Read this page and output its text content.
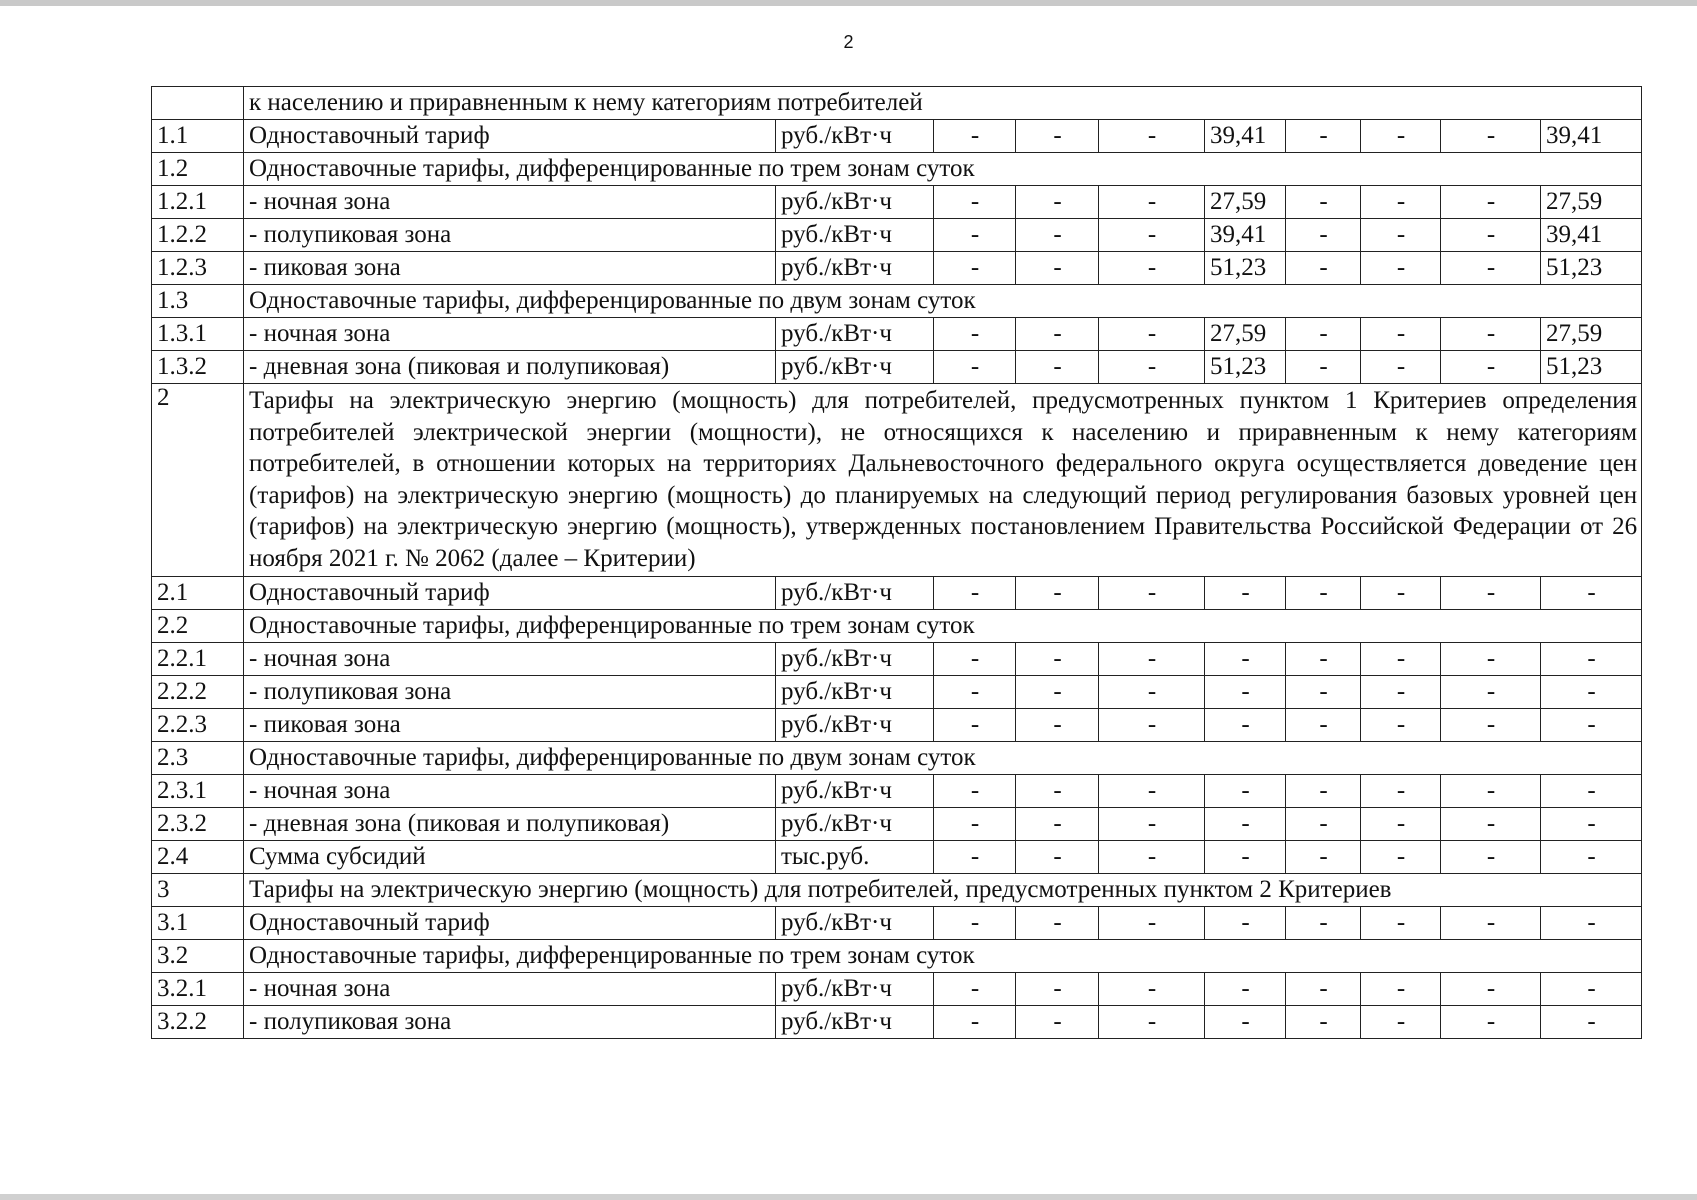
2
	к населению и приравненным к нему категориям потребителей									
1.1	Одноставочный тариф	руб./кВт·ч	-	-	-	39,41	-	-	-	39,41
1.2	Одноставочные тарифы, дифференцированные по трем зонам суток									
1.2.1	- ночная зона	руб./кВт·ч	-	-	-	27,59	-	-	-	27,59
1.2.2	- полупиковая зона	руб./кВт·ч	-	-	-	39,41	-	-	-	39,41
1.2.3	- пиковая зона	руб./кВт·ч	-	-	-	51,23	-	-	-	51,23
1.3	Одноставочные тарифы, дифференцированные по двум зонам суток									
1.3.1	- ночная зона	руб./кВт·ч	-	-	-	27,59	-	-	-	27,59
1.3.2	- дневная зона (пиковая и полупиковая)	руб./кВт·ч	-	-	-	51,23	-	-	-	51,23
2	Тарифы на электрическую энергию (мощность) для потребителей, предусмотренных пунктом 1 Критериев определения потребителей электрической энергии (мощности), не относящихся к населению и приравненным к нему категориям потребителей, в отношении которых на территориях Дальневосточного федерального округа осуществляется доведение цен (тарифов) на электрическую энергию (мощность) до планируемых на следующий период регулирования базовых уровней цен (тарифов) на электрическую энергию (мощность), утвержденных постановлением Правительства Российской Федерации от 26 ноября 2021 г. № 2062 (далее – Критерии)									
2.1	Одноставочный тариф	руб./кВт·ч	-	-	-	-	-	-	-	-
2.2	Одноставочные тарифы, дифференцированные по трем зонам суток									
2.2.1	- ночная зона	руб./кВт·ч	-	-	-	-	-	-	-	-
2.2.2	- полупиковая зона	руб./кВт·ч	-	-	-	-	-	-	-	-
2.2.3	- пиковая зона	руб./кВт·ч	-	-	-	-	-	-	-	-
2.3	Одноставочные тарифы, дифференцированные по двум зонам суток									
2.3.1	- ночная зона	руб./кВт·ч	-	-	-	-	-	-	-	-
2.3.2	- дневная зона (пиковая и полупиковая)	руб./кВт·ч	-	-	-	-	-	-	-	-
2.4	Сумма субсидий	тыс.руб.	-	-	-	-	-	-	-	-
3	Тарифы на электрическую энергию (мощность) для потребителей, предусмотренных пунктом 2 Критериев									
3.1	Одноставочный тариф	руб./кВт·ч	-	-	-	-	-	-	-	-
3.2	Одноставочные тарифы, дифференцированные по трем зонам суток									
3.2.1	- ночная зона	руб./кВт·ч	-	-	-	-	-	-	-	-
3.2.2	- полупиковая зона	руб./кВт·ч	-	-	-	-	-	-	-	-
